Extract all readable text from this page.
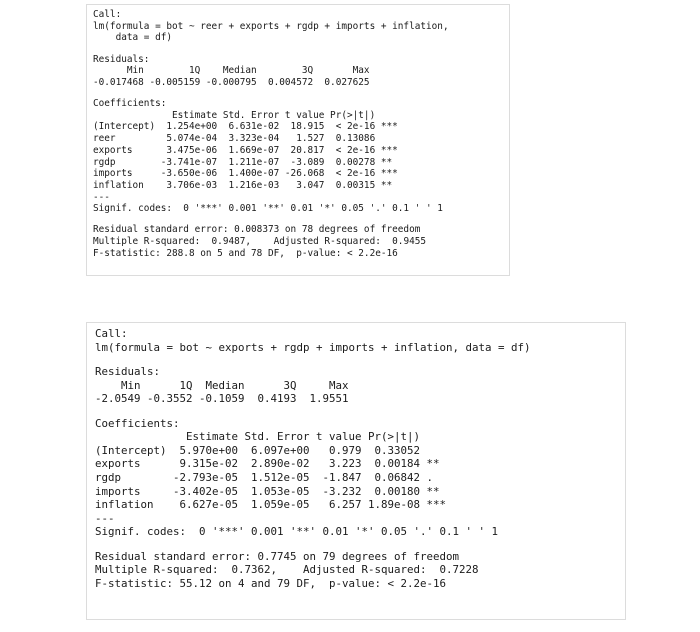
Call:
lm(formula = bot ~ reer + exports + rgdp + imports + inflation,
data = df)
Residuals:
Min        1Q    Median        3Q       Max
-0.017468 -0.005159 -0.000795  0.004572  0.027625
Coefficients:
Estimate Std. Error t value Pr(>|t|)
(Intercept)  1.254e+00  6.631e-02  18.915  < 2e-16 ***
reer         5.074e-04  3.323e-04   1.527  0.13086
exports      3.475e-06  1.669e-07  20.817  < 2e-16 ***
rgdp        -3.741e-07  1.211e-07  -3.089  0.00278 **
imports     -3.650e-06  1.400e-07 -26.068  < 2e-16 ***
inflation    3.706e-03  1.216e-03   3.047  0.00315 **
---
Signif. codes:  0 '***' 0.001 '**' 0.01 '*' 0.05 '.' 0.1 ' ' 1
Residual standard error: 0.008373 on 78 degrees of freedom
Multiple R-squared:  0.9487,	Adjusted R-squared:  0.9455
F-statistic: 288.8 on 5 and 78 DF,  p-value: < 2.2e-16
Call:
lm(formula = bot ~ exports + rgdp + imports + inflation, data = df)
Residuals:
Min      1Q  Median      3Q     Max
-2.0549 -0.3552 -0.1059  0.4193  1.9551
Coefficients:
Estimate Std. Error t value Pr(>|t|)
(Intercept)  5.970e+00  6.097e+00   0.979  0.33052
exports      9.315e-02  2.890e-02   3.223  0.00184 **
rgdp        -2.793e-05  1.512e-05  -1.847  0.06842 .
imports     -3.402e-05  1.053e-05  -3.232  0.00180 **
inflation    6.627e-05  1.059e-05   6.257 1.89e-08 ***
---
Signif. codes:  0 '***' 0.001 '**' 0.01 '*' 0.05 '.' 0.1 ' ' 1
Residual standard error: 0.7745 on 79 degrees of freedom
Multiple R-squared:  0.7362,	Adjusted R-squared:  0.7228
F-statistic: 55.12 on 4 and 79 DF,  p-value: < 2.2e-16
